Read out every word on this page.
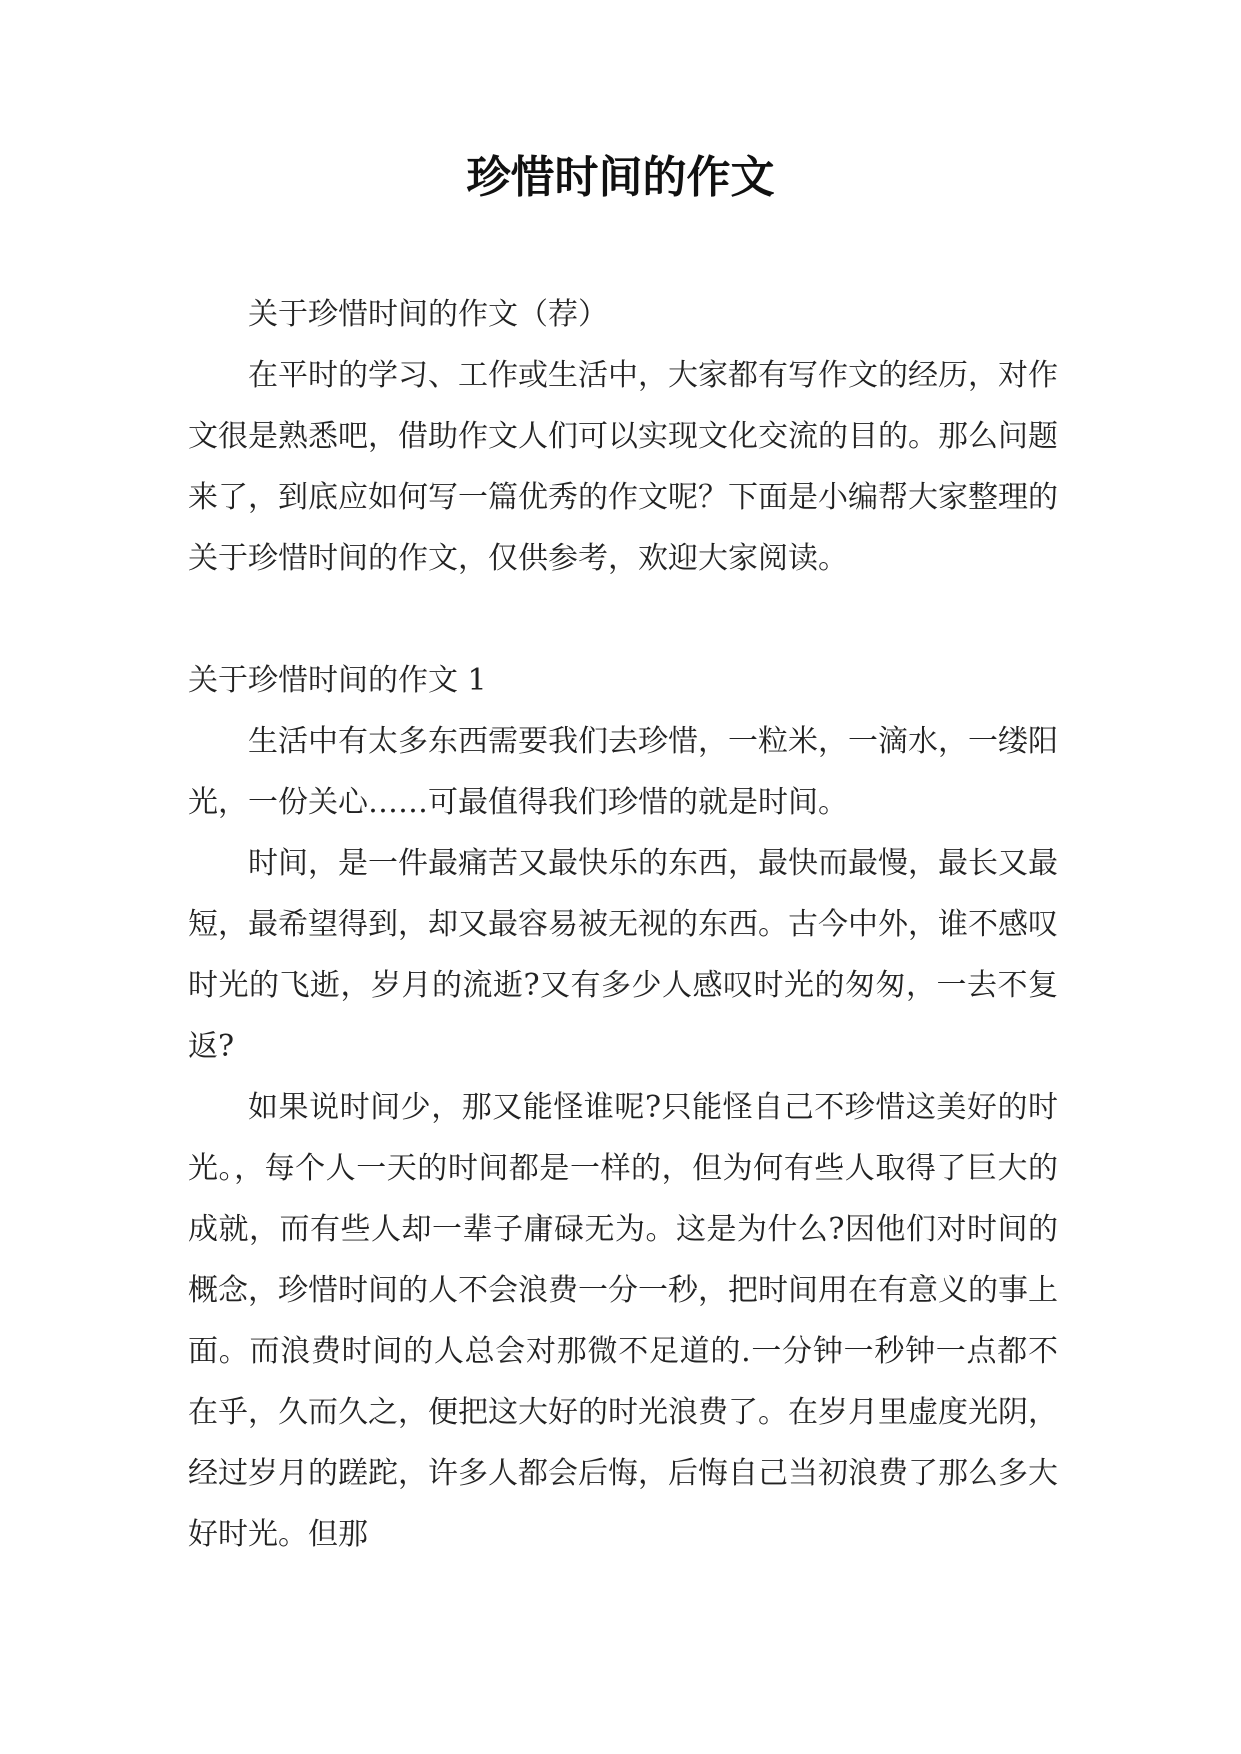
珍惜时间的作文

关于珍惜时间的作文（荐）

在平时的学习、工作或生活中，大家都有写作文的经历，对作文很是熟悉吧，借助作文人们可以实现文化交流的目的。那么问题来了，到底应如何写一篇优秀的作文呢？下面是小编帮大家整理的关于珍惜时间的作文，仅供参考，欢迎大家阅读。

关于珍惜时间的作文 1

生活中有太多东西需要我们去珍惜，一粒米，一滴水，一缕阳光，一份关心……可最值得我们珍惜的就是时间。

时间，是一件最痛苦又最快乐的东西，最快而最慢，最长又最短，最希望得到，却又最容易被无视的东西。古今中外，谁不感叹时光的飞逝，岁月的流逝?又有多少人感叹时光的匆匆，一去不复返?

如果说时间少，那又能怪谁呢?只能怪自己不珍惜这美好的时光。，每个人一天的时间都是一样的，但为何有些人取得了巨大的成就，而有些人却一辈子庸碌无为。这是为什么?因他们对时间的概念，珍惜时间的人不会浪费一分一秒，把时间用在有意义的事上面。而浪费时间的人总会对那微不足道的.一分钟一秒钟一点都不在乎，久而久之，便把这大好的时光浪费了。在岁月里虚度光阴，经过岁月的蹉跎，许多人都会后悔，后悔自己当初浪费了那么多大好时光。但那
